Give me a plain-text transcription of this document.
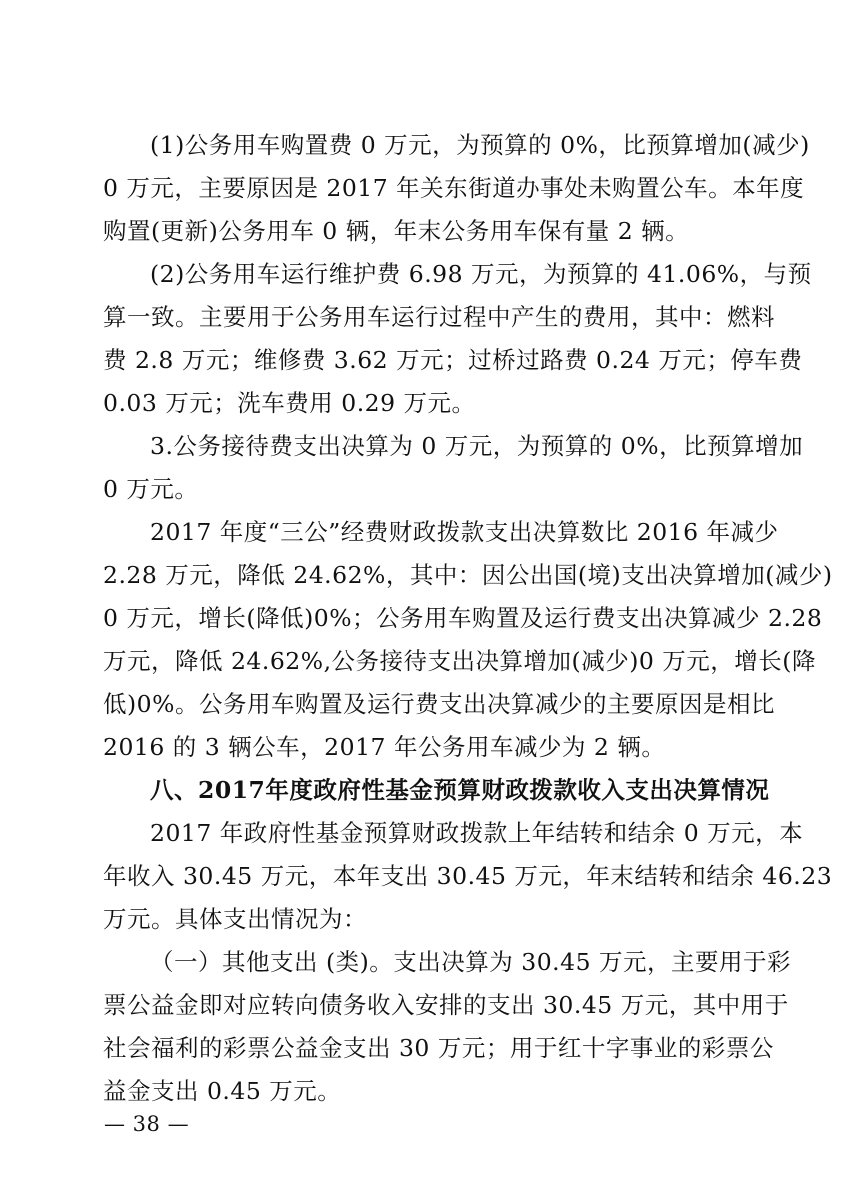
(1)公务用车购置费 0 万元，为预算的 0%，比预算增加(减少)
0 万元，主要原因是 2017 年关东街道办事处未购置公车。本年度
购置(更新)公务用车 0 辆，年末公务用车保有量 2 辆。
(2)公务用车运行维护费 6.98 万元，为预算的 41.06%，与预
算一致。主要用于公务用车运行过程中产生的费用，其中：燃料
费 2.8 万元；维修费 3.62 万元；过桥过路费 0.24 万元；停车费
0.03 万元；洗车费用 0.29 万元。
3.公务接待费支出决算为 0 万元，为预算的 0%，比预算增加
0 万元。
2017 年度“三公”经费财政拨款支出决算数比 2016 年减少
2.28 万元，降低 24.62%，其中：因公出国(境)支出决算增加(减少)
0 万元，增长(降低)0%；公务用车购置及运行费支出决算减少 2.28
万元，降低 24.62%,公务接待支出决算增加(减少)0 万元，增长(降
低)0%。公务用车购置及运行费支出决算减少的主要原因是相比
2016 的 3 辆公车，2017 年公务用车减少为 2 辆。
八、2017年度政府性基金预算财政拨款收入支出决算情况
2017 年政府性基金预算财政拨款上年结转和结余 0 万元，本
年收入 30.45 万元，本年支出 30.45 万元，年末结转和结余 46.23
万元。具体支出情况为：
（一）其他支出 (类)。支出决算为 30.45 万元，主要用于彩
票公益金即对应转向债务收入安排的支出 30.45 万元，其中用于
社会福利的彩票公益金支出 30 万元；用于红十字事业的彩票公
益金支出 0.45 万元。
— 38 —
